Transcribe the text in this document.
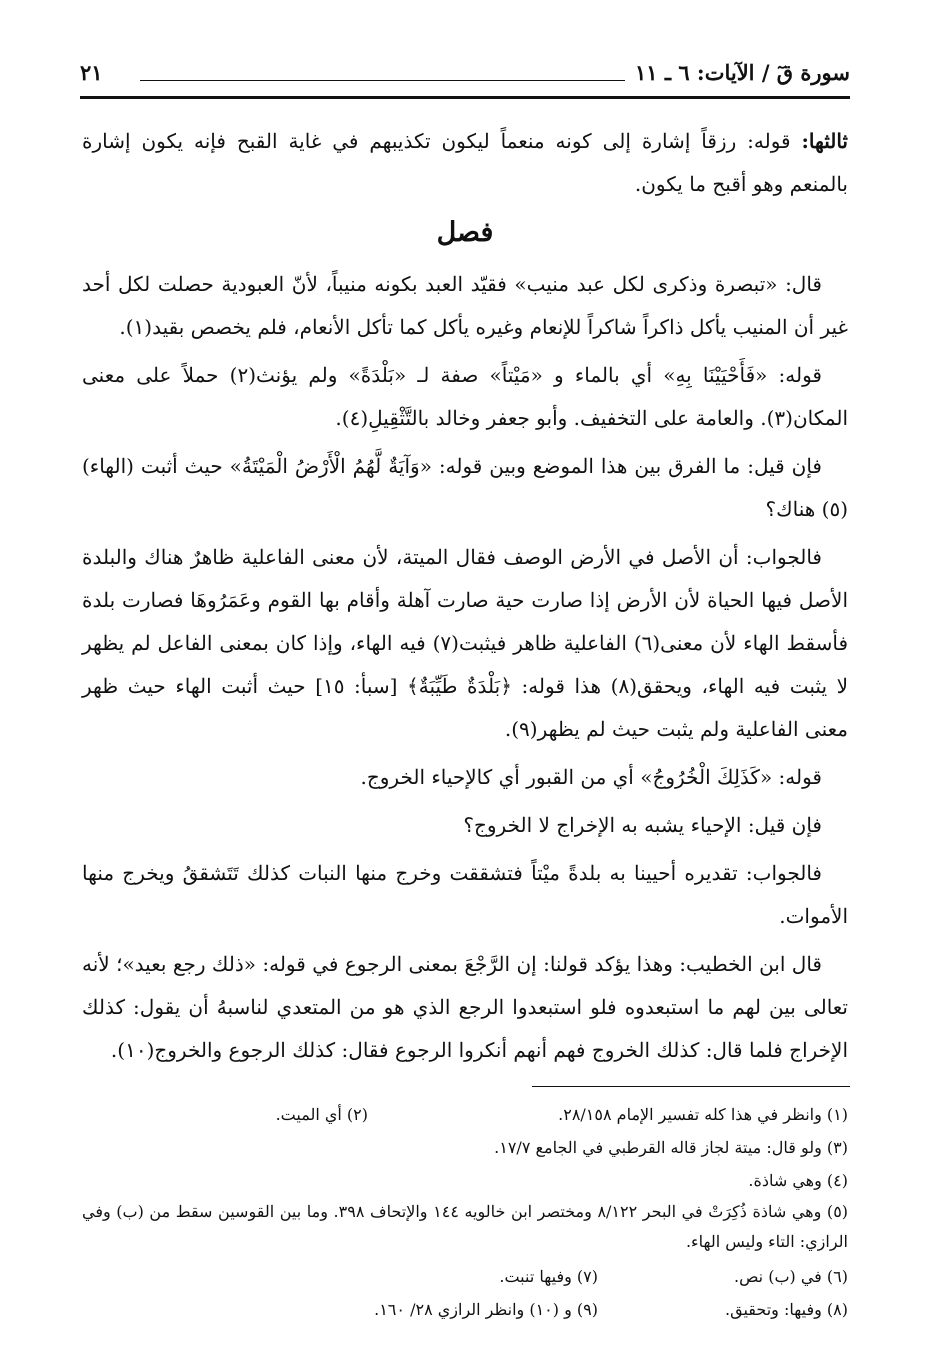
سورة قٓ / الآيات: ٦ ـ ١١
٢١

ثالثها: قوله: رزقاً إشارة إلى كونه منعماً ليكون تكذيبهم في غاية القبح فإنه يكون إشارة بالمنعم وهو أقبح ما يكون.

فصل

قال: «تبصرة وذكرى لكل عبد منيب» فقيّد العبد بكونه منيباً، لأنّ العبودية حصلت لكل أحد غير أن المنيب يأكل ذاكراً شاكراً للإنعام وغيره يأكل كما تأكل الأنعام، فلم يخصص بقيد(١).

قوله: «فَأَحْيَيْنَا بِهِ» أي بالماء و «مَيْتاً» صفة لـ «بَلْدَةً» ولم يؤنث(٢) حملاً على معنى المكان(٣). والعامة على التخفيف. وأبو جعفر وخالد بالتَّثْقِيلِ(٤).

فإن قيل: ما الفرق بين هذا الموضع وبين قوله: «وَآيَةٌ لَّهُمُ الْأَرْضُ الْمَيْتَةُ» حيث أثبت (الهاء)(٥) هناك؟

فالجواب: أن الأصل في الأرض الوصف فقال الميتة، لأن معنى الفاعلية ظاهرٌ هناك والبلدة الأصل فيها الحياة لأن الأرض إذا صارت حية صارت آهلة وأقام بها القوم وعَمَرُوهَا فصارت بلدة فأسقط الهاء لأن معنى(٦) الفاعلية ظاهر فيثبت(٧) فيه الهاء، وإذا كان بمعنى الفاعل لم يظهر لا يثبت فيه الهاء، ويحقق(٨) هذا قوله: ﴿بَلْدَةٌ طَيِّبَةٌ﴾ [سبأ: ١٥] حيث أثبت الهاء حيث ظهر معنى الفاعلية ولم يثبت حيث لم يظهر(٩).

قوله: «كَذَلِكَ الْخُرُوجُ» أي من القبور أي كالإحياء الخروج.

فإن قيل: الإحياء يشبه به الإخراج لا الخروج؟

فالجواب: تقديره أحيينا به بلدةً ميْتاً فتشققت وخرج منها النبات كذلك تَتَشققُ ويخرج منها الأموات.

قال ابن الخطيب: وهذا يؤكد قولنا: إن الرَّجْعَ بمعنى الرجوع في قوله: «ذلك رجع بعيد»؛ لأنه تعالى بين لهم ما استبعدوه فلو استبعدوا الرجع الذي هو من المتعدي لناسبهُ أن يقول: كذلك الإخراج فلما قال: كذلك الخروج فهم أنهم أنكروا الرجوع فقال: كذلك الرجوع والخروج(١٠).

(١) وانظر في هذا كله تفسير الإمام ٢٨/١٥٨.
(٢) أي الميت.
(٣) ولو قال: ميتة لجاز قاله القرطبي في الجامع ١٧/٧.
(٤) وهي شاذة.
(٥) وهي شاذة ذُكِرَتْ في البحر ٨/١٢٢ ومختصر ابن خالويه ١٤٤ والإتحاف ٣٩٨. وما بين القوسين سقط من (ب) وفي الرازي: التاء وليس الهاء.
(٦) في (ب) نص.
(٧) وفيها تنبت.
(٨) وفيها: وتحقيق.
(٩) و (١٠) وانظر الرازي ٢٨/ ١٦٠.
